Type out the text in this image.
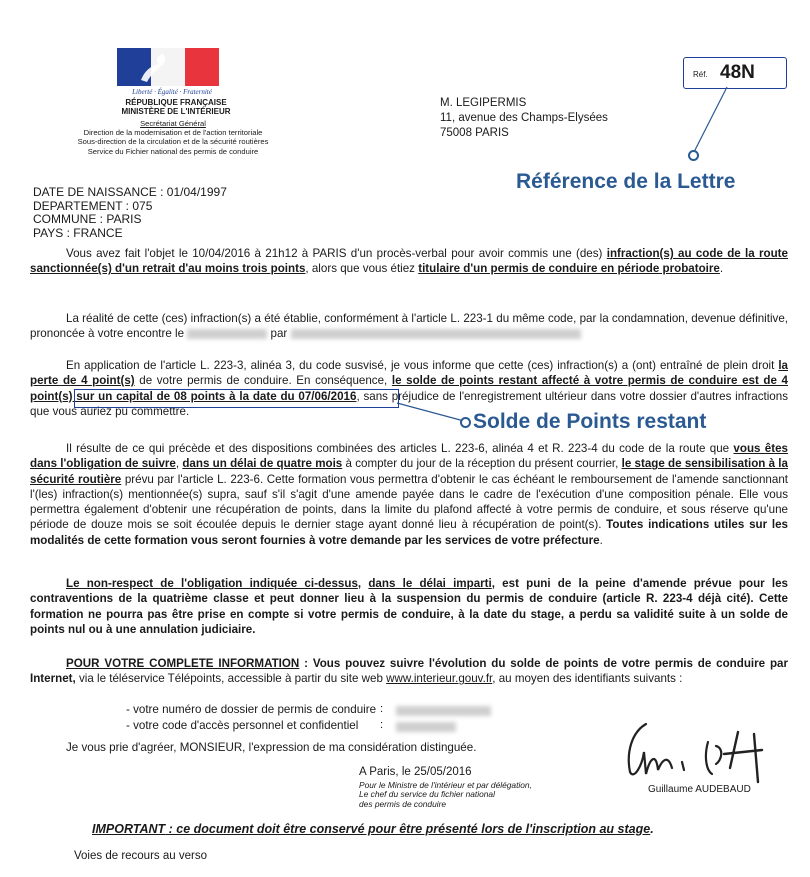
Liberté · Égalité · Fraternité
RÉPUBLIQUE FRANÇAISE
MINISTÈRE DE L'INTÉRIEUR
Secrétariat Général
Direction de la modernisation et de l'action territoriale
Sous-direction de la circulation et de la sécurité routières
Service du Fichier national des permis de conduire
Réf. 48N
M. LEGIPERMIS
11, avenue des Champs-Elysées
75008 PARIS
Référence de la Lettre
Solde de Points restant
DATE DE NAISSANCE : 01/04/1997
DEPARTEMENT : 075
COMMUNE : PARIS
PAYS : FRANCE
Vous avez fait l'objet le 10/04/2016 à 21h12 à PARIS d'un procès-verbal pour avoir commis une (des) infraction(s) au code de la route sanctionnée(s) d'un retrait d'au moins trois points, alors que vous étiez titulaire d'un permis de conduire en période probatoire.
La réalité de cette (ces) infraction(s) a été établie, conformément à l'article L. 223-1 du même code, par la condamnation, devenue définitive, prononcée à votre encontre le	par
En application de l'article L. 223-3, alinéa 3, du code susvisé, je vous informe que cette (ces) infraction(s) a (ont) entraîné de plein droit la perte de 4 point(s) de votre permis de conduire. En conséquence, le solde de points restant affecté à votre permis de conduire est de 4 point(s) sur un capital de 08 points à la date du 07/06/2016, sans préjudice de l'enregistrement ultérieur dans votre dossier d'autres infractions que vous auriez pu commettre.
Il résulte de ce qui précède et des dispositions combinées des articles L. 223-6, alinéa 4 et R. 223-4 du code de la route que vous êtes dans l'obligation de suivre, dans un délai de quatre mois à compter du jour de la réception du présent courrier, le stage de sensibilisation à la sécurité routière prévu par l'article L. 223-6. Cette formation vous permettra d'obtenir le cas échéant le remboursement de l'amende sanctionnant l'(les) infraction(s) mentionnée(s) supra, sauf s'il s'agit d'une amende payée dans le cadre de l'exécution d'une composition pénale. Elle vous permettra également d'obtenir une récupération de points, dans la limite du plafond affecté à votre permis de conduire, et sous réserve qu'une période de douze mois se soit écoulée depuis le dernier stage ayant donné lieu à récupération de point(s). Toutes indications utiles sur les modalités de cette formation vous seront fournies à votre demande par les services de votre préfecture.
Le non-respect de l'obligation indiquée ci-dessus, dans le délai imparti, est puni de la peine d'amende prévue pour les contraventions de la quatrième classe et peut donner lieu à la suspension du permis de conduire (article R. 223-4 déjà cité). Cette formation ne pourra pas être prise en compte si votre permis de conduire, à la date du stage, a perdu sa validité suite à un solde de points nul ou à une annulation judiciaire.
POUR VOTRE COMPLETE INFORMATION : Vous pouvez suivre l'évolution du solde de points de votre permis de conduire par Internet, via le téléservice Télépoints, accessible à partir du site web www.interieur.gouv.fr, au moyen des identifiants suivants :
- votre numéro de dossier de permis de conduire :
- votre code d'accès personnel et confidentiel :
Je vous prie d'agréer, MONSIEUR, l'expression de ma considération distinguée.
A Paris, le 25/05/2016
Pour le Ministre de l'intérieur et par délégation,
Le chef du service du fichier national
des permis de conduire
Guillaume AUDEBAUD
IMPORTANT : ce document doit être conservé pour être présenté lors de l'inscription au stage.
Voies de recours au verso
